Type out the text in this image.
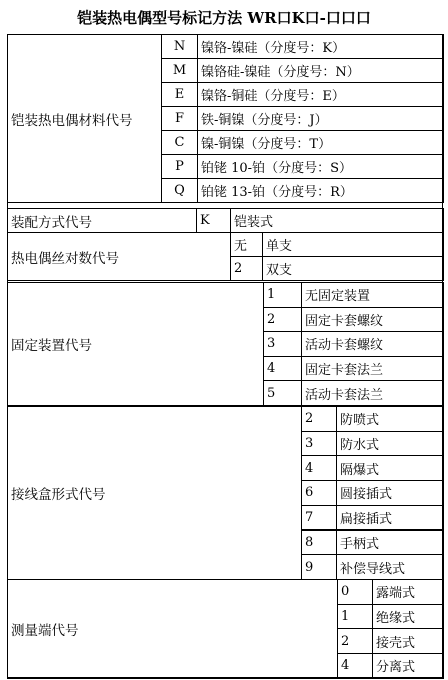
铠装热电偶型号标记方法 WR口K口-口口口
铠装热电偶材料代号
N	镍铬-镍硅（分度号：K）
M	镍铬硅-镍硅（分度号：N）
E	镍铬-铜硅（分度号：E）
F	铁-铜镍（分度号：J）
C	镍-铜镍（分度号：T）
P	铂铑 10-铂（分度号：S）
Q	铂铑 13-铂（分度号：R）
装配方式代号	K	铠装式
热电偶丝对数代号
无	单支
2	双支
固定装置代号
1	无固定装置
2	固定卡套螺纹
3	活动卡套螺纹
4	固定卡套法兰
5	活动卡套法兰
接线盒形式代号
2	防喷式
3	防水式
4	隔爆式
6	圆接插式
7	扁接插式
8	手柄式
9	补偿导线式
测量端代号
0	露端式
1	绝缘式
2	接壳式
4	分离式
